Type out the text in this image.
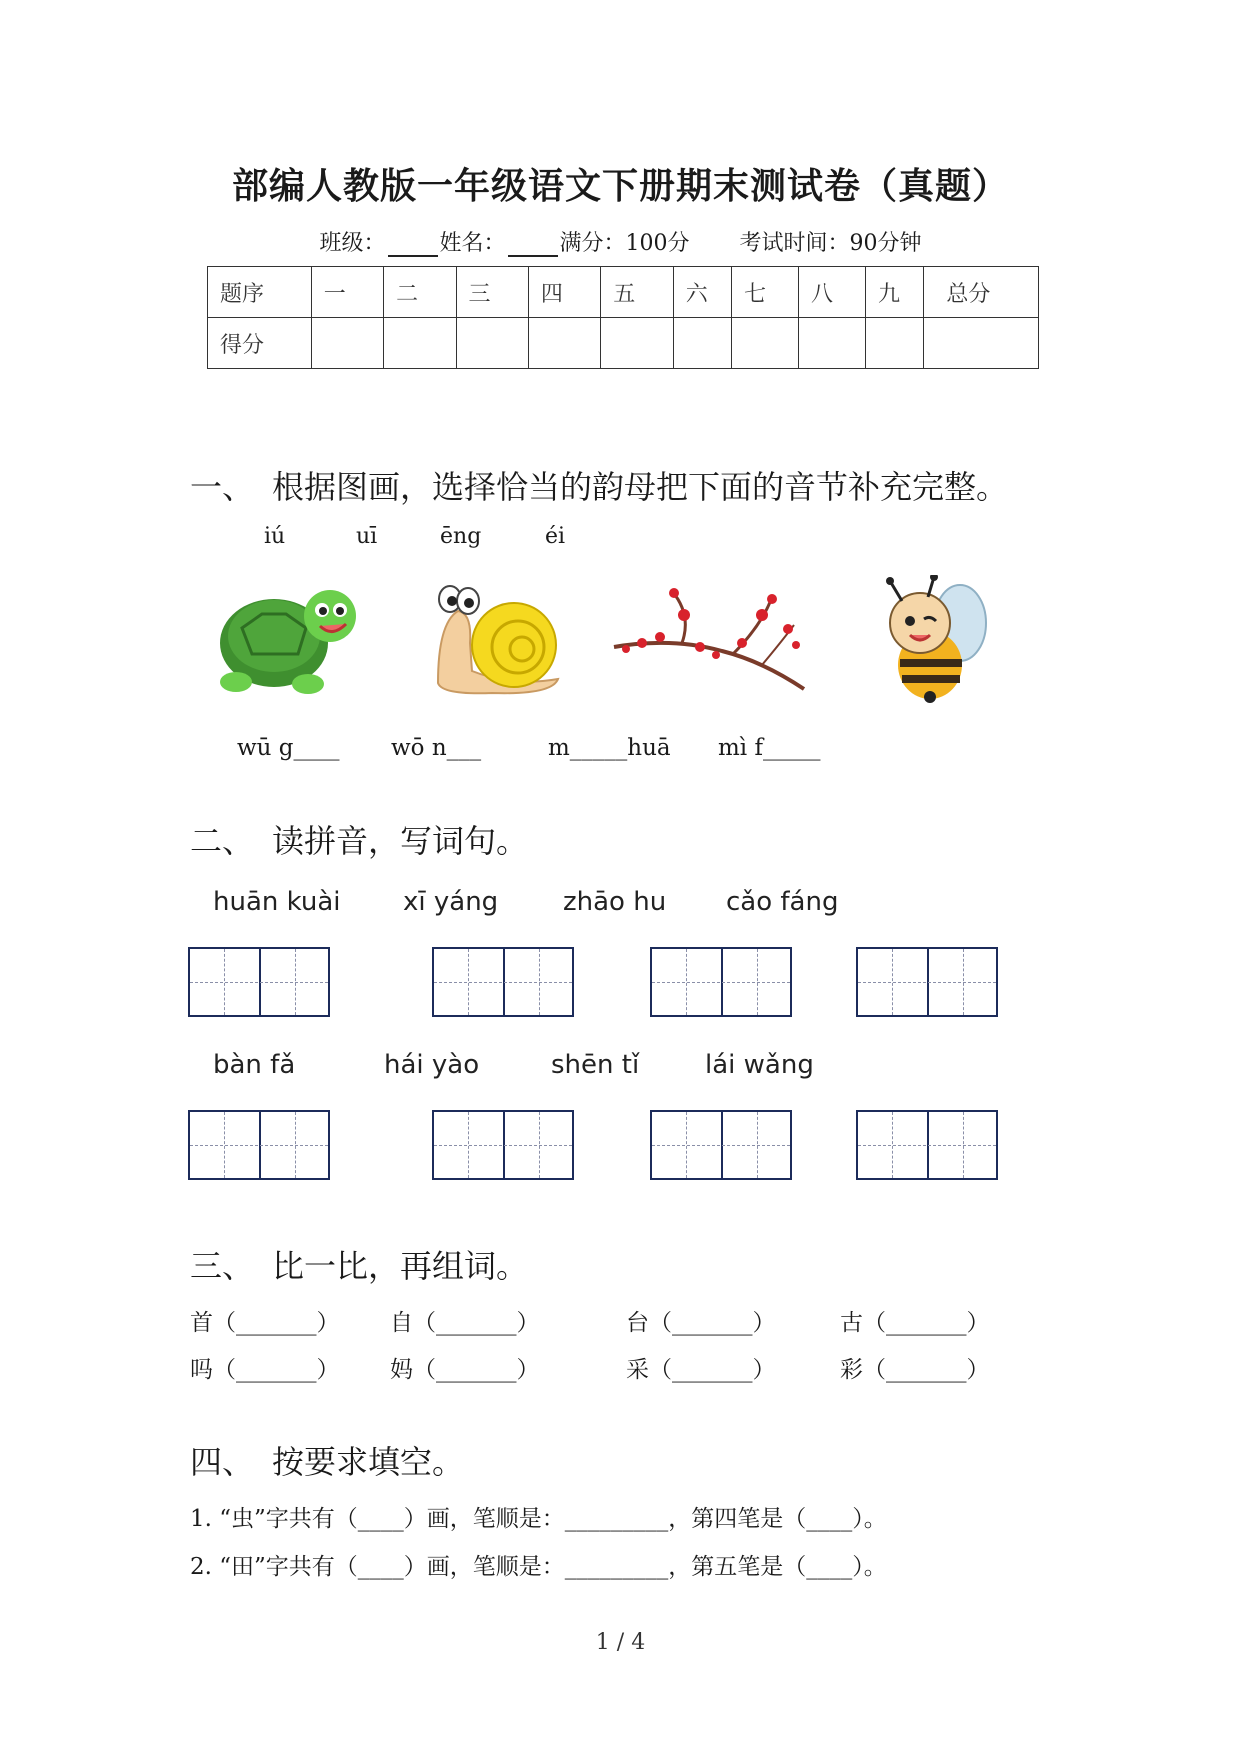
部编人教版一年级语文下册期末测试卷（真题）
班级： 姓名： 满分：100分 考试时间：90分钟
题序	一	二	三	四	五	六	七	八	九	总分
得分										
一、 根据图画，选择恰当的韵母把下面的音节补充完整。
iú	uī	ēng	éi
wū g____ wō n___	m_____huā mì f_____
二、 读拼音，写词句。
huān kuài xī yáng zhāo hu cǎo fáng
bàn fǎ	hái yào	shēn tǐ	lái wǎng
三、 比一比，再组词。
首（_______） 自（_______）	台（_______）	古（_______）
吗（_______） 妈（_______）	采（_______）	彩（_______）
四、 按要求填空。
1. “虫”字共有（____）画，笔顺是：_________，第四笔是（____）。
2. “田”字共有（____）画，笔顺是：_________，第五笔是（____）。
1 / 4
